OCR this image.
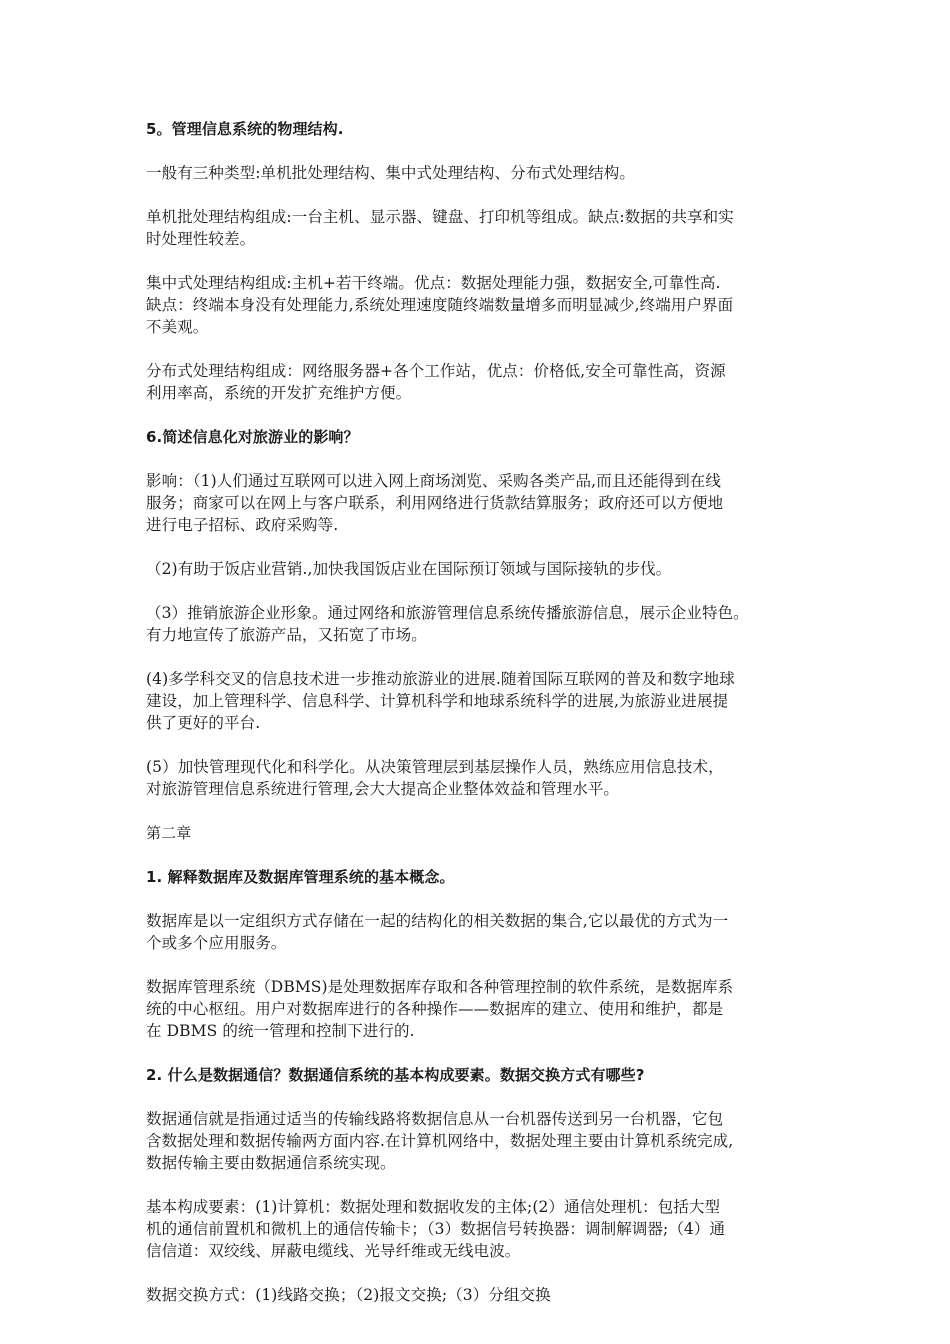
5。管理信息系统的物理结构.
一般有三种类型:单机批处理结构、集中式处理结构、分布式处理结构。
单机批处理结构组成:一台主机、显示器、键盘、打印机等组成。缺点:数据的共享和实
时处理性较差。
集中式处理结构组成:主机+若干终端。优点：数据处理能力强，数据安全,可靠性高.
缺点：终端本身没有处理能力,系统处理速度随终端数量增多而明显减少,终端用户界面
不美观。
分布式处理结构组成：网络服务器+各个工作站，优点：价格低,安全可靠性高，资源
利用率高，系统的开发扩充维护方便。
6.简述信息化对旅游业的影响？
影响：（1)人们通过互联网可以进入网上商场浏览、采购各类产品,而且还能得到在线
服务；商家可以在网上与客户联系，利用网络进行货款结算服务；政府还可以方便地
进行电子招标、政府采购等.
（2)有助于饭店业营销.,加快我国饭店业在国际预订领域与国际接轨的步伐。
（3）推销旅游企业形象。通过网络和旅游管理信息系统传播旅游信息，展示企业特色。
有力地宣传了旅游产品，又拓宽了市场。
(4)多学科交叉的信息技术进一步推动旅游业的进展.随着国际互联网的普及和数字地球
建设，加上管理科学、信息科学、计算机科学和地球系统科学的进展,为旅游业进展提
供了更好的平台.
(5）加快管理现代化和科学化。从决策管理层到基层操作人员，熟练应用信息技术，
对旅游管理信息系统进行管理,会大大提高企业整体效益和管理水平。
第二章
1. 解释数据库及数据库管理系统的基本概念。
数据库是以一定组织方式存储在一起的结构化的相关数据的集合,它以最优的方式为一
个或多个应用服务。
数据库管理系统（DBMS)是处理数据库存取和各种管理控制的软件系统，是数据库系
统的中心枢纽。用户对数据库进行的各种操作——数据库的建立、使用和维护，都是
在 DBMS 的统一管理和控制下进行的.
2. 什么是数据通信？数据通信系统的基本构成要素。数据交换方式有哪些?
数据通信就是指通过适当的传输线路将数据信息从一台机器传送到另一台机器，它包
含数据处理和数据传输两方面内容.在计算机网络中，数据处理主要由计算机系统完成,
数据传输主要由数据通信系统实现。
基本构成要素：(1)计算机：数据处理和数据收发的主体;(2）通信处理机：包括大型
机的通信前置机和微机上的通信传输卡；（3）数据信号转换器：调制解调器;（4）通
信信道：双绞线、屏蔽电缆线、光导纤维或无线电波。
数据交换方式：(1)线路交换；（2)报文交换;（3）分组交换
